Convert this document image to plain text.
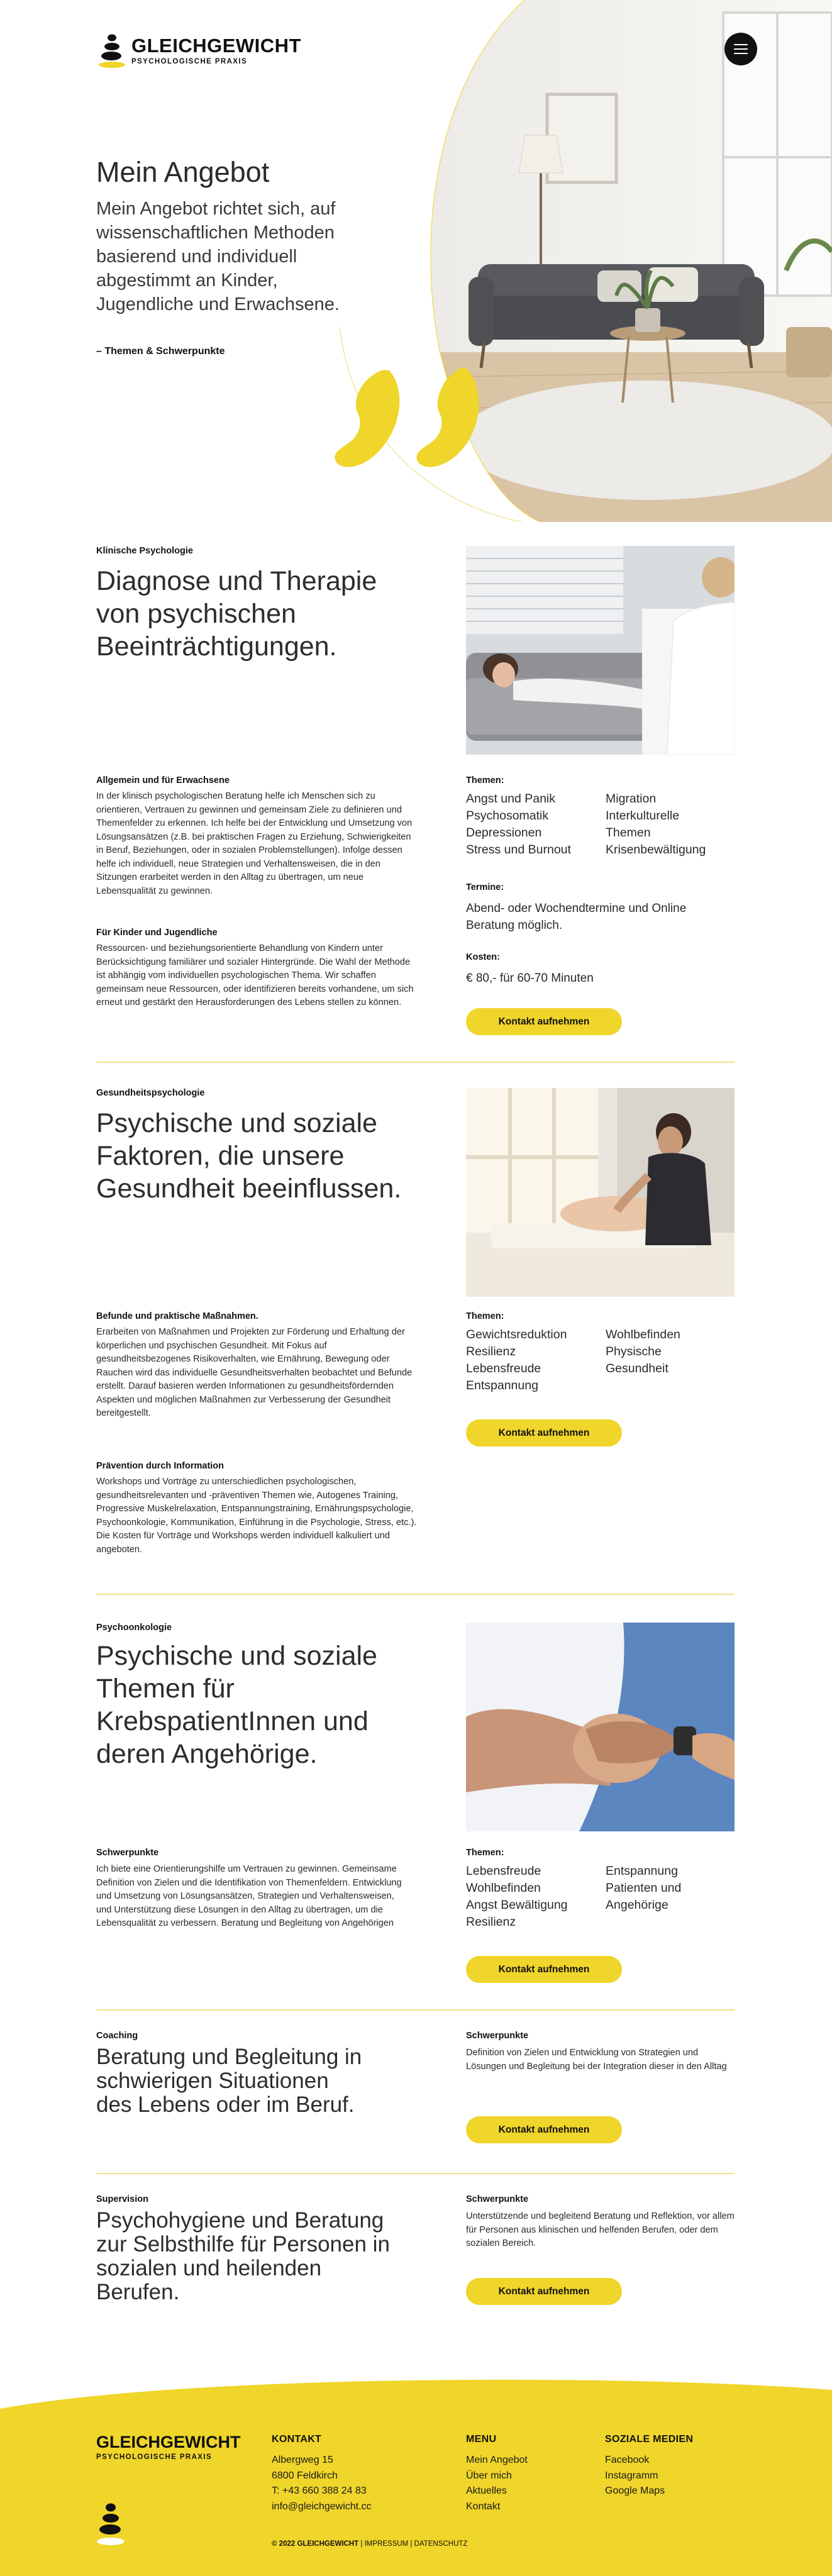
GLEICHGEWICHT
PSYCHOLOGISCHE PRAXIS
Mein Angebot

Mein Angebot richtet sich, auf wissenschaftlichen Methoden basierend und individuell abgestimmt an Kinder, Jugendliche und Erwachsene.

– Themen & Schwerpunkte
Klinische Psychologie
Diagnose und Therapie von psychischen Beeinträchtigungen.
Allgemein und für Erwachsene

In der klinisch psychologischen Beratung helfe ich Menschen sich zu orientieren, Vertrauen zu gewinnen und gemeinsam Ziele zu definieren und Themenfelder zu erkennen. Ich helfe bei der Entwicklung und Umsetzung von Lösungsansätzen (z.B. bei praktischen Fragen zu Erziehung, Schwierigkeiten in Beruf, Beziehungen, oder in sozialen Problemstellungen). Infolge dessen helfe ich individuell, neue Strategien und Verhaltensweisen, die in den Sitzungen erarbeitet werden in den Alltag zu übertragen, um neue Lebensqualität zu gewinnen.

Für Kinder und Jugendliche

Ressourcen- und beziehungsorientierte Behandlung von Kindern unter Berücksichtigung familiärer und sozialer Hintergründe. Die Wahl der Methode ist abhängig vom individuellen psychologischen Thema. Wir schaffen gemeinsam neue Ressourcen, oder identifizieren bereits vorhandene, um sich erneut und gestärkt den Herausforderungen des Lebens stellen zu können.

Themen:
Angst und Panik	Migration
Psychosomatik	Interkulturelle
Depressionen	Themen
Stress und Burnout	Krisenbewältigung
Termine:

Abend- oder Wochendtermine und Online Beratung möglich.

Kosten:

€ 80,- für 60-70 Minuten

Kontakt aufnehmen
Gesundheitspsychologie
Psychische und soziale Faktoren, die unsere Gesundheit beeinflussen.
Befunde und praktische Maßnahmen.

Erarbeiten von Maßnahmen und Projekten zur Förderung und Erhaltung der körperlichen und psychischen Gesundheit. Mit Fokus auf gesundheitsbezogenes Risikoverhalten, wie Ernährung, Bewegung oder Rauchen wird das individuelle Gesundheitsverhalten beobachtet und Befunde erstellt. Darauf basieren werden Informationen zu gesundheitsfördernden Aspekten und möglichen Maßnahmen zur Verbesserung der Gesundheit bereitgestellt.

Prävention durch Information

Workshops und Vorträge zu unterschiedlichen psychologischen, gesundheitsrelevanten und -präventiven Themen wie, Autogenes Training, Progressive Muskelrelaxation, Entspannungstraining, Ernährungspsychologie, Psychoonkologie, Kommunikation, Einführung in die Psychologie, Stress, etc.). Die Kosten für Vorträge und Workshops werden individuell kalkuliert und angeboten.

Themen:
Gewichtsreduktion	Wohlbefinden
Resilienz	Physische
Lebensfreude	Gesundheit
Entspannung
Kontakt aufnehmen
Psychoonkologie
Psychische und soziale Themen für KrebspatientInnen und deren Angehörige.
Schwerpunkte

Ich biete eine Orientierungshilfe um Vertrauen zu gewinnen. Gemeinsame Definition von Zielen und die Identifikation von Themenfeldern. Entwicklung und Umsetzung von Lösungsansätzen, Strategien und Verhaltensweisen, und Unterstützung diese Lösungen in den Alltag zu übertragen, um die Lebensqualität zu verbessern. Beratung und Begleitung von Angehörigen

Themen:
Lebensfreude	Entspannung
Wohlbefinden	Patienten und
Angst Bewältigung	Angehörige
Resilienz
Kontakt aufnehmen
Coaching
Beratung und Begleitung in schwierigen Situationen des Lebens oder im Beruf.
Schwerpunkte

Definition von Zielen und Entwicklung von Strategien und Lösungen und Begleitung bei der Integration dieser in den Alltag

Kontakt aufnehmen
Supervision
Psychohygiene und Beratung zur Selbsthilfe für Personen in sozialen und heilenden Berufen.
Schwerpunkte

Unterstützende und begleitend Beratung und Reflektion, vor allem für Personen aus klinischen und helfenden Berufen, oder dem sozialen Bereich.

Kontakt aufnehmen
GLEICHGEWICHT
PSYCHOLOGISCHE PRAXIS
KONTAKT
Albergweg 15
6800 Feldkirch
T: +43 660 388 24 83
info@gleichgewicht.cc
MENU
Mein Angebot
Über mich
Aktuelles
Kontakt
SOZIALE MEDIEN
Facebook
Instagramm
Google Maps
© 2022 GLEICHGEWICHT | IMPRESSUM | DATENSCHUTZ
